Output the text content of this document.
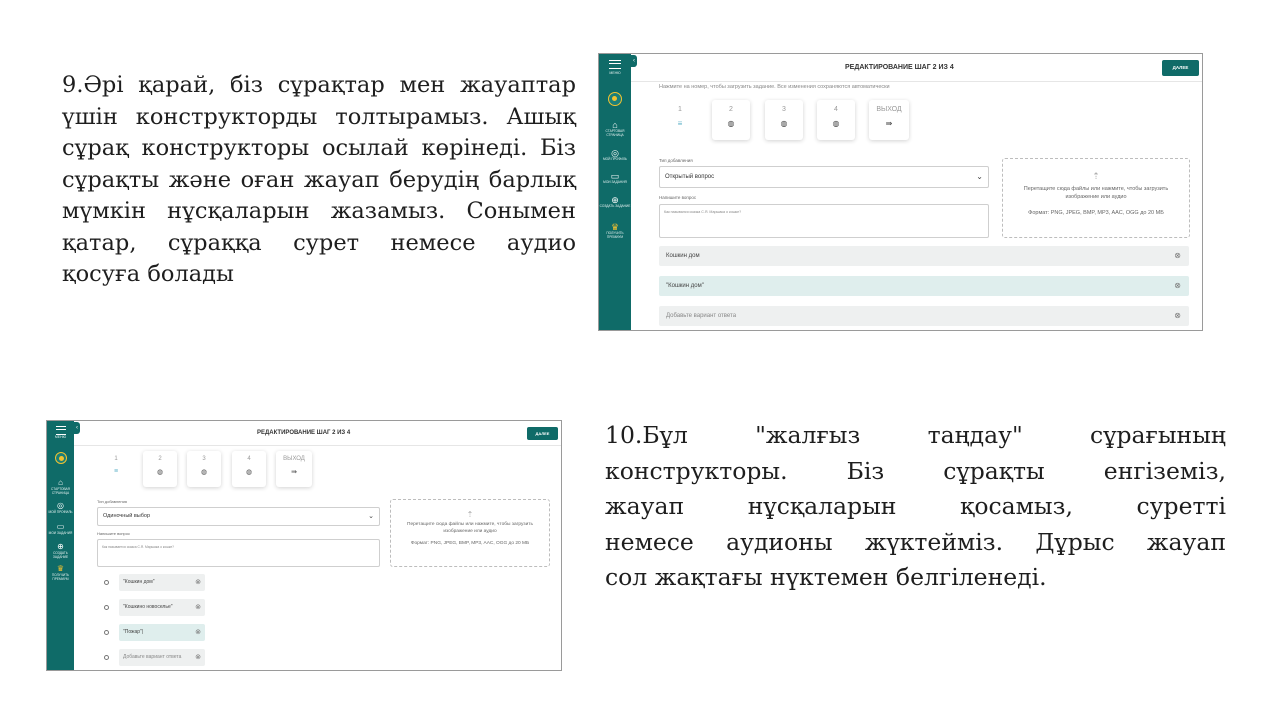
9.Әрі қарай, біз сұрақтар мен жауаптар
үшін конструкторды толтырамыз. Ашық
сұрақ конструкторы осылай көрінеді. Біз
сұрақты және оған жауап берудің барлық
мүмкін нұсқаларын жазамыз. Сонымен
қатар, сұраққа сурет немесе аудио
қосуға болады
10.Бұл "жалғыз таңдау" сұрағының
конструкторы. Біз сұрақты енгіземіз,
жауап нұсқаларын қосамыз, суретті
немесе аудионы жүктейміз. Дұрыс жауап
сол жақтағы нүктемен белгіленеді.
МЕНЮ
⌂
СТАРТОВАЯ СТРАНИЦА
◎
МОЙ ПРОФИЛЬ
▭
МОИ ЗАДАНИЯ
⊕
СОЗДАТЬ ЗАДАНИЕ
♛
ПОЛУЧИТЬ ПРЕМИУМ
‹
РЕДАКТИРОВАНИЕ ШАГ 2 ИЗ 4	ДАЛЕЕ
Нажмите на номер, чтобы загрузить задание. Все изменения сохраняются автоматически
1
≡
2
◍
3
◍
4
◍
ВЫХОД
⇛
Тип добавления
Открытый вопрос	⌄
Напишите вопрос
Как назывался сказка С.Я. Маршака о кошке?
⇡
Перетащите сюда файлы или нажмите, чтобы загрузить изображение или аудио
Формат: PNG, JPEG, BMP, MP3, AAC, OGG до 20 МБ
Кошкин дом	⊗
"Кошкин дом"	⊗
Добавьте вариант ответа	⊗
МЕНЮ
⌂
СТАРТОВАЯ СТРАНИЦА
◎
МОЙ ПРОФИЛЬ
▭
МОИ ЗАДАНИЯ
⊕
СОЗДАТЬ ЗАДАНИЕ
♛
ПОЛУЧИТЬ ПРЕМИУМ
‹
РЕДАКТИРОВАНИЕ ШАГ 2 ИЗ 4	ДАЛЕЕ
1
≡
2
◍
3
◍
4
◍
ВЫХОД
⇛
Тип добавления
Одиночный выбор	⌄
Напишите вопрос
Как называется сказка С.Я. Маршака о кошке?
⇡
Перетащите сюда файлы или нажмите, чтобы загрузить изображение или аудио
Формат: PNG, JPEG, BMP, MP3, AAC, OGG до 20 МБ
"Кошкин дом"	⊗
"Кошкино новоселье"	⊗
"Пожар"|	⊗
Добавьте вариант ответа ⊗
